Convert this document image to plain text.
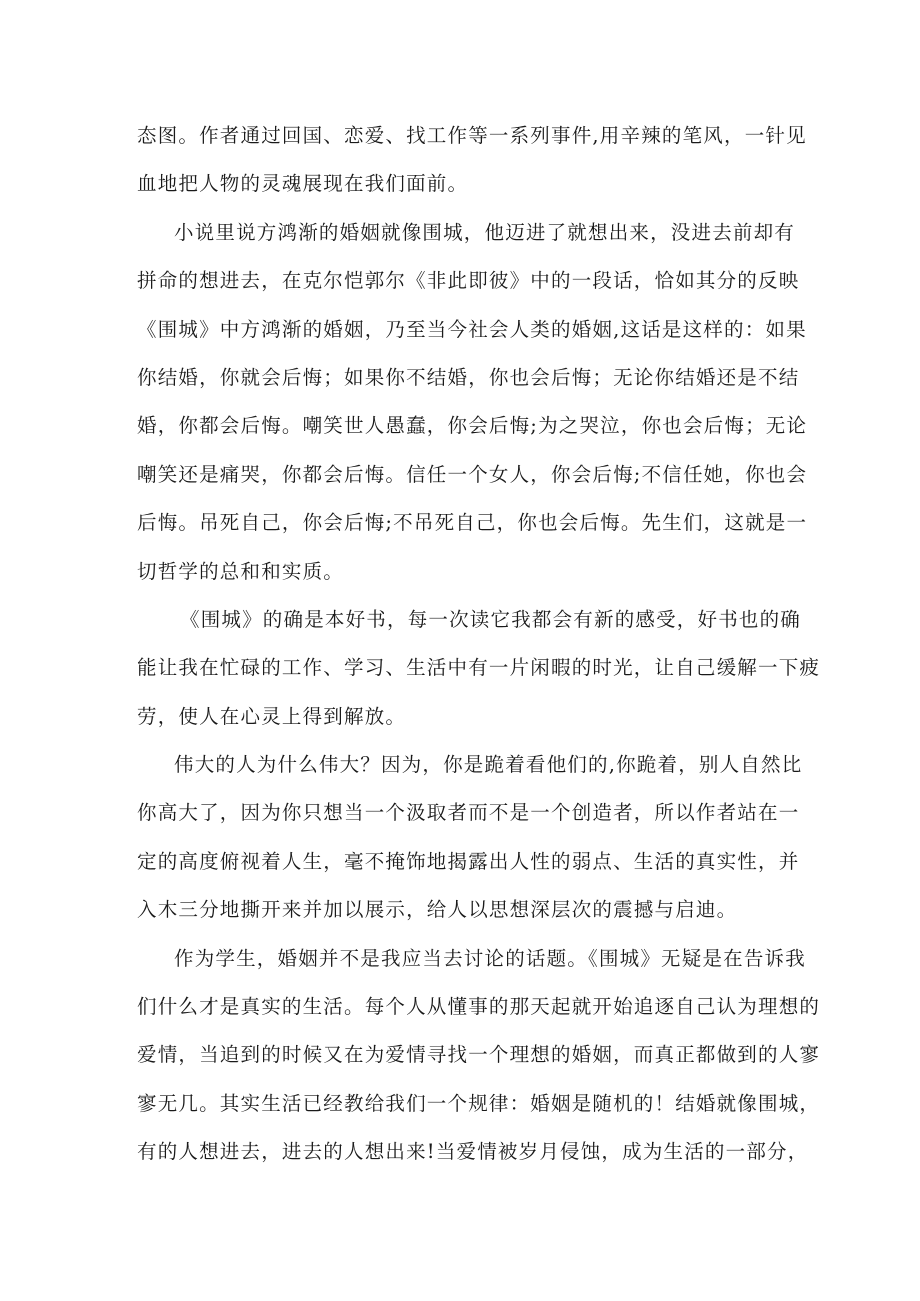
态图。作者通过回国、恋爱、找工作等一系列事件,用辛辣的笔风，一针见
血地把人物的灵魂展现在我们面前。
小说里说方鸿渐的婚姻就像围城，他迈进了就想出来，没进去前却有
拼命的想进去，在克尔恺郭尔《非此即彼》中的一段话，恰如其分的反映
《围城》中方鸿渐的婚姻，乃至当今社会人类的婚姻,这话是这样的：如果
你结婚，你就会后悔；如果你不结婚，你也会后悔；无论你结婚还是不结
婚，你都会后悔。嘲笑世人愚蠢，你会后悔;为之哭泣，你也会后悔；无论
嘲笑还是痛哭，你都会后悔。信任一个女人，你会后悔;不信任她，你也会
后悔。吊死自己，你会后悔;不吊死自己，你也会后悔。先生们，这就是一
切哲学的总和和实质。
《围城》的确是本好书，每一次读它我都会有新的感受，好书也的确
能让我在忙碌的工作、学习、生活中有一片闲暇的时光，让自己缓解一下疲
劳，使人在心灵上得到解放。
伟大的人为什么伟大？因为，你是跪着看他们的,你跪着，别人自然比
你高大了，因为你只想当一个汲取者而不是一个创造者，所以作者站在一
定的高度俯视着人生，毫不掩饰地揭露出人性的弱点、生活的真实性，并
入木三分地撕开来并加以展示，给人以思想深层次的震撼与启迪。
作为学生，婚姻并不是我应当去讨论的话题。《围城》无疑是在告诉我
们什么才是真实的生活。每个人从懂事的那天起就开始追逐自己认为理想的
爱情，当追到的时候又在为爱情寻找一个理想的婚姻，而真正都做到的人寥
寥无几。其实生活已经教给我们一个规律：婚姻是随机的！结婚就像围城，
有的人想进去，进去的人想出来!当爱情被岁月侵蚀，成为生活的一部分，
